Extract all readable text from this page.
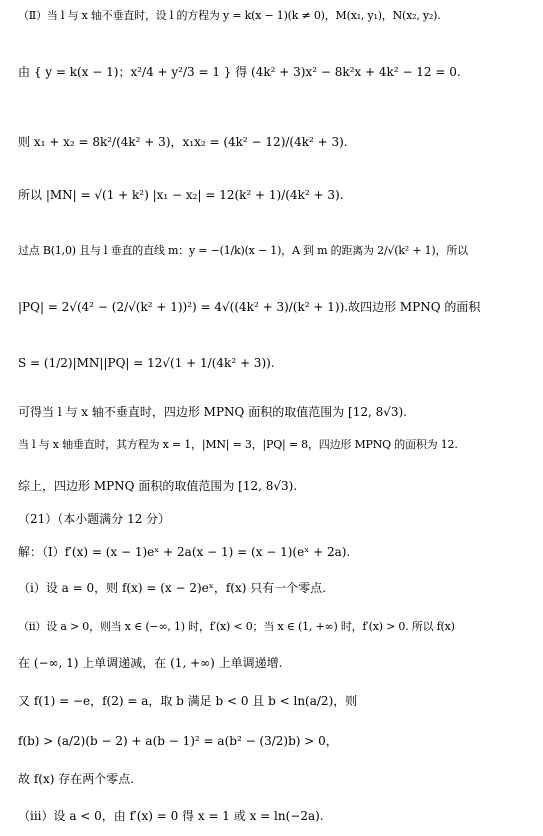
（Ⅱ）当 l 与 x 轴不垂直时，设 l 的方程为 y = k(x − 1)(k ≠ 0)，M(x₁, y₁)，N(x₂, y₂).
由 { y = k(x − 1)；x²/4 + y²/3 = 1 } 得 (4k² + 3)x² − 8k²x + 4k² − 12 = 0.
则 x₁ + x₂ = 8k²/(4k² + 3)，x₁x₂ = (4k² − 12)/(4k² + 3).
所以 |MN| = √(1 + k²) |x₁ − x₂| = 12(k² + 1)/(4k² + 3).
过点 B(1,0) 且与 l 垂直的直线 m：y = −(1/k)(x − 1)，A 到 m 的距离为 2/√(k² + 1)，所以
|PQ| = 2√(4² − (2/√(k² + 1))²) = 4√((4k² + 3)/(k² + 1)).故四边形 MPNQ 的面积
S = (1/2)|MN||PQ| = 12√(1 + 1/(4k² + 3)).
可得当 l 与 x 轴不垂直时，四边形 MPNQ 面积的取值范围为 [12, 8√3).
当 l 与 x 轴垂直时，其方程为 x = 1，|MN| = 3，|PQ| = 8，四边形 MPNQ 的面积为 12.
综上，四边形 MPNQ 面积的取值范围为 [12, 8√3).
（21）（本小题满分 12 分）
解：（Ⅰ）f′(x) = (x − 1)eˣ + 2a(x − 1) = (x − 1)(eˣ + 2a).
（i）设 a = 0，则 f(x) = (x − 2)eˣ，f(x) 只有一个零点.
（ii）设 a > 0，则当 x ∈ (−∞, 1) 时，f′(x) < 0；当 x ∈ (1, +∞) 时，f′(x) > 0. 所以 f(x)
在 (−∞, 1) 上单调递减，在 (1, +∞) 上单调递增.
又 f(1) = −e，f(2) = a，取 b 满足 b < 0 且 b < ln(a/2)，则
f(b) > (a/2)(b − 2) + a(b − 1)² = a(b² − (3/2)b) > 0，
故 f(x) 存在两个零点.
（iii）设 a < 0，由 f′(x) = 0 得 x = 1 或 x = ln(−2a).
